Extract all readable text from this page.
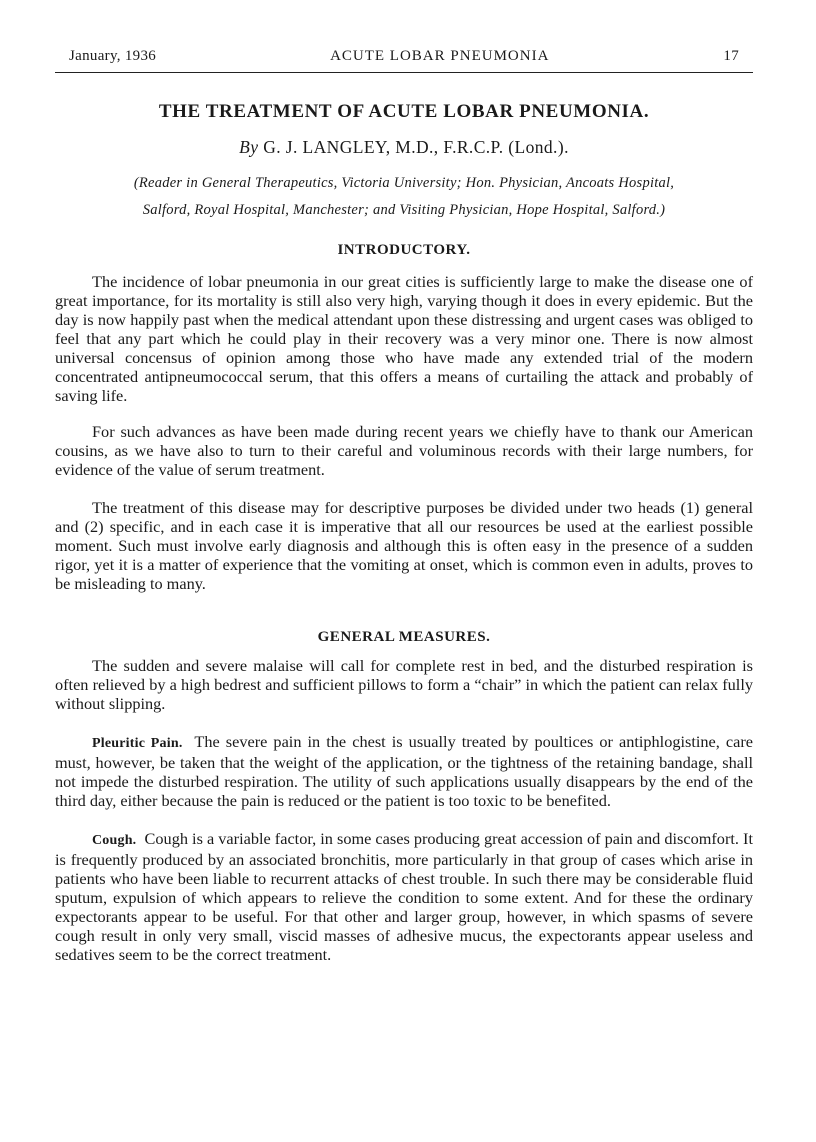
January, 1936	ACUTE LOBAR PNEUMONIA	17
THE TREATMENT OF ACUTE LOBAR PNEUMONIA.
By G. J. LANGLEY, M.D., F.R.C.P. (Lond.).
(Reader in General Therapeutics, Victoria University; Hon. Physician, Ancoats Hospital,
Salford, Royal Hospital, Manchester; and Visiting Physician, Hope Hospital, Salford.)
INTRODUCTORY.

The incidence of lobar pneumonia in our great cities is sufficiently large to make the disease one of great importance, for its mortality is still also very high, varying though it does in every epidemic. But the day is now happily past when the medical attendant upon these distressing and urgent cases was obliged to feel that any part which he could play in their recovery was a very minor one. There is now almost universal concensus of opinion among those who have made any extended trial of the modern concentrated antipneumococcal serum, that this offers a means of curtailing the attack and probably of saving life.

For such advances as have been made during recent years we chiefly have to thank our American cousins, as we have also to turn to their careful and voluminous records with their large numbers, for evidence of the value of serum treatment.

The treatment of this disease may for descriptive purposes be divided under two heads (1) general and (2) specific, and in each case it is imperative that all our resources be used at the earliest possible moment. Such must involve early diagnosis and although this is often easy in the presence of a sudden rigor, yet it is a matter of experience that the vomiting at onset, which is common even in adults, proves to be misleading to many.

GENERAL MEASURES.

The sudden and severe malaise will call for complete rest in bed, and the disturbed respiration is often relieved by a high bedrest and sufficient pillows to form a “chair” in which the patient can relax fully without slipping.

Pleuritic Pain. The severe pain in the chest is usually treated by poultices or antiphlogistine, care must, however, be taken that the weight of the application, or the tightness of the retaining bandage, shall not impede the disturbed respiration. The utility of such applications usually disappears by the end of the third day, either because the pain is reduced or the patient is too toxic to be benefited.

Cough. Cough is a variable factor, in some cases producing great accession of pain and discomfort. It is frequently produced by an associated bronchitis, more particularly in that group of cases which arise in patients who have been liable to recurrent attacks of chest trouble. In such there may be considerable fluid sputum, expulsion of which appears to relieve the condition to some extent. And for these the ordinary expectorants appear to be useful. For that other and larger group, however, in which spasms of severe cough result in only very small, viscid masses of adhesive mucus, the expectorants appear useless and sedatives seem to be the correct treatment.
